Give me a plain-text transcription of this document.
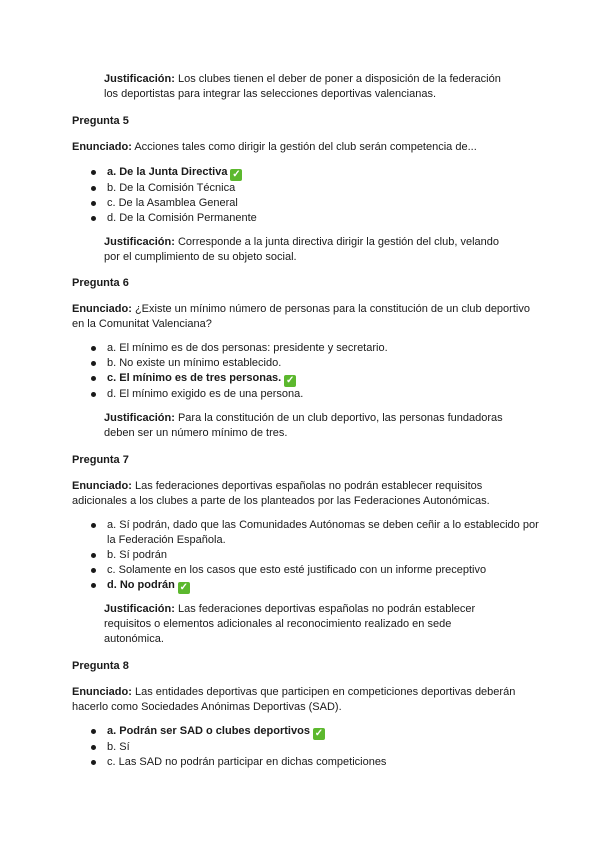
Justificación: Los clubes tienen el deber de poner a disposición de la federación los deportistas para integrar las selecciones deportivas valencianas.
Pregunta 5
Enunciado: Acciones tales como dirigir la gestión del club serán competencia de...
a. De la Junta Directiva ✓
b. De la Comisión Técnica
c. De la Asamblea General
d. De la Comisión Permanente
Justificación: Corresponde a la junta directiva dirigir la gestión del club, velando por el cumplimiento de su objeto social.
Pregunta 6
Enunciado: ¿Existe un mínimo número de personas para la constitución de un club deportivo en la Comunitat Valenciana?
a. El mínimo es de dos personas: presidente y secretario.
b. No existe un mínimo establecido.
c. El mínimo es de tres personas. ✓
d. El mínimo exigido es de una persona.
Justificación: Para la constitución de un club deportivo, las personas fundadoras deben ser un número mínimo de tres.
Pregunta 7
Enunciado: Las federaciones deportivas españolas no podrán establecer requisitos adicionales a los clubes a parte de los planteados por las Federaciones Autonómicas.
a. Sí podrán, dado que las Comunidades Autónomas se deben ceñir a lo establecido por la Federación Española.
b. Sí podrán
c. Solamente en los casos que esto esté justificado con un informe preceptivo
d. No podrán ✓
Justificación: Las federaciones deportivas españolas no podrán establecer requisitos o elementos adicionales al reconocimiento realizado en sede autonómica.
Pregunta 8
Enunciado: Las entidades deportivas que participen en competiciones deportivas deberán hacerlo como Sociedades Anónimas Deportivas (SAD).
a. Podrán ser SAD o clubes deportivos ✓
b. Sí
c. Las SAD no podrán participar en dichas competiciones
